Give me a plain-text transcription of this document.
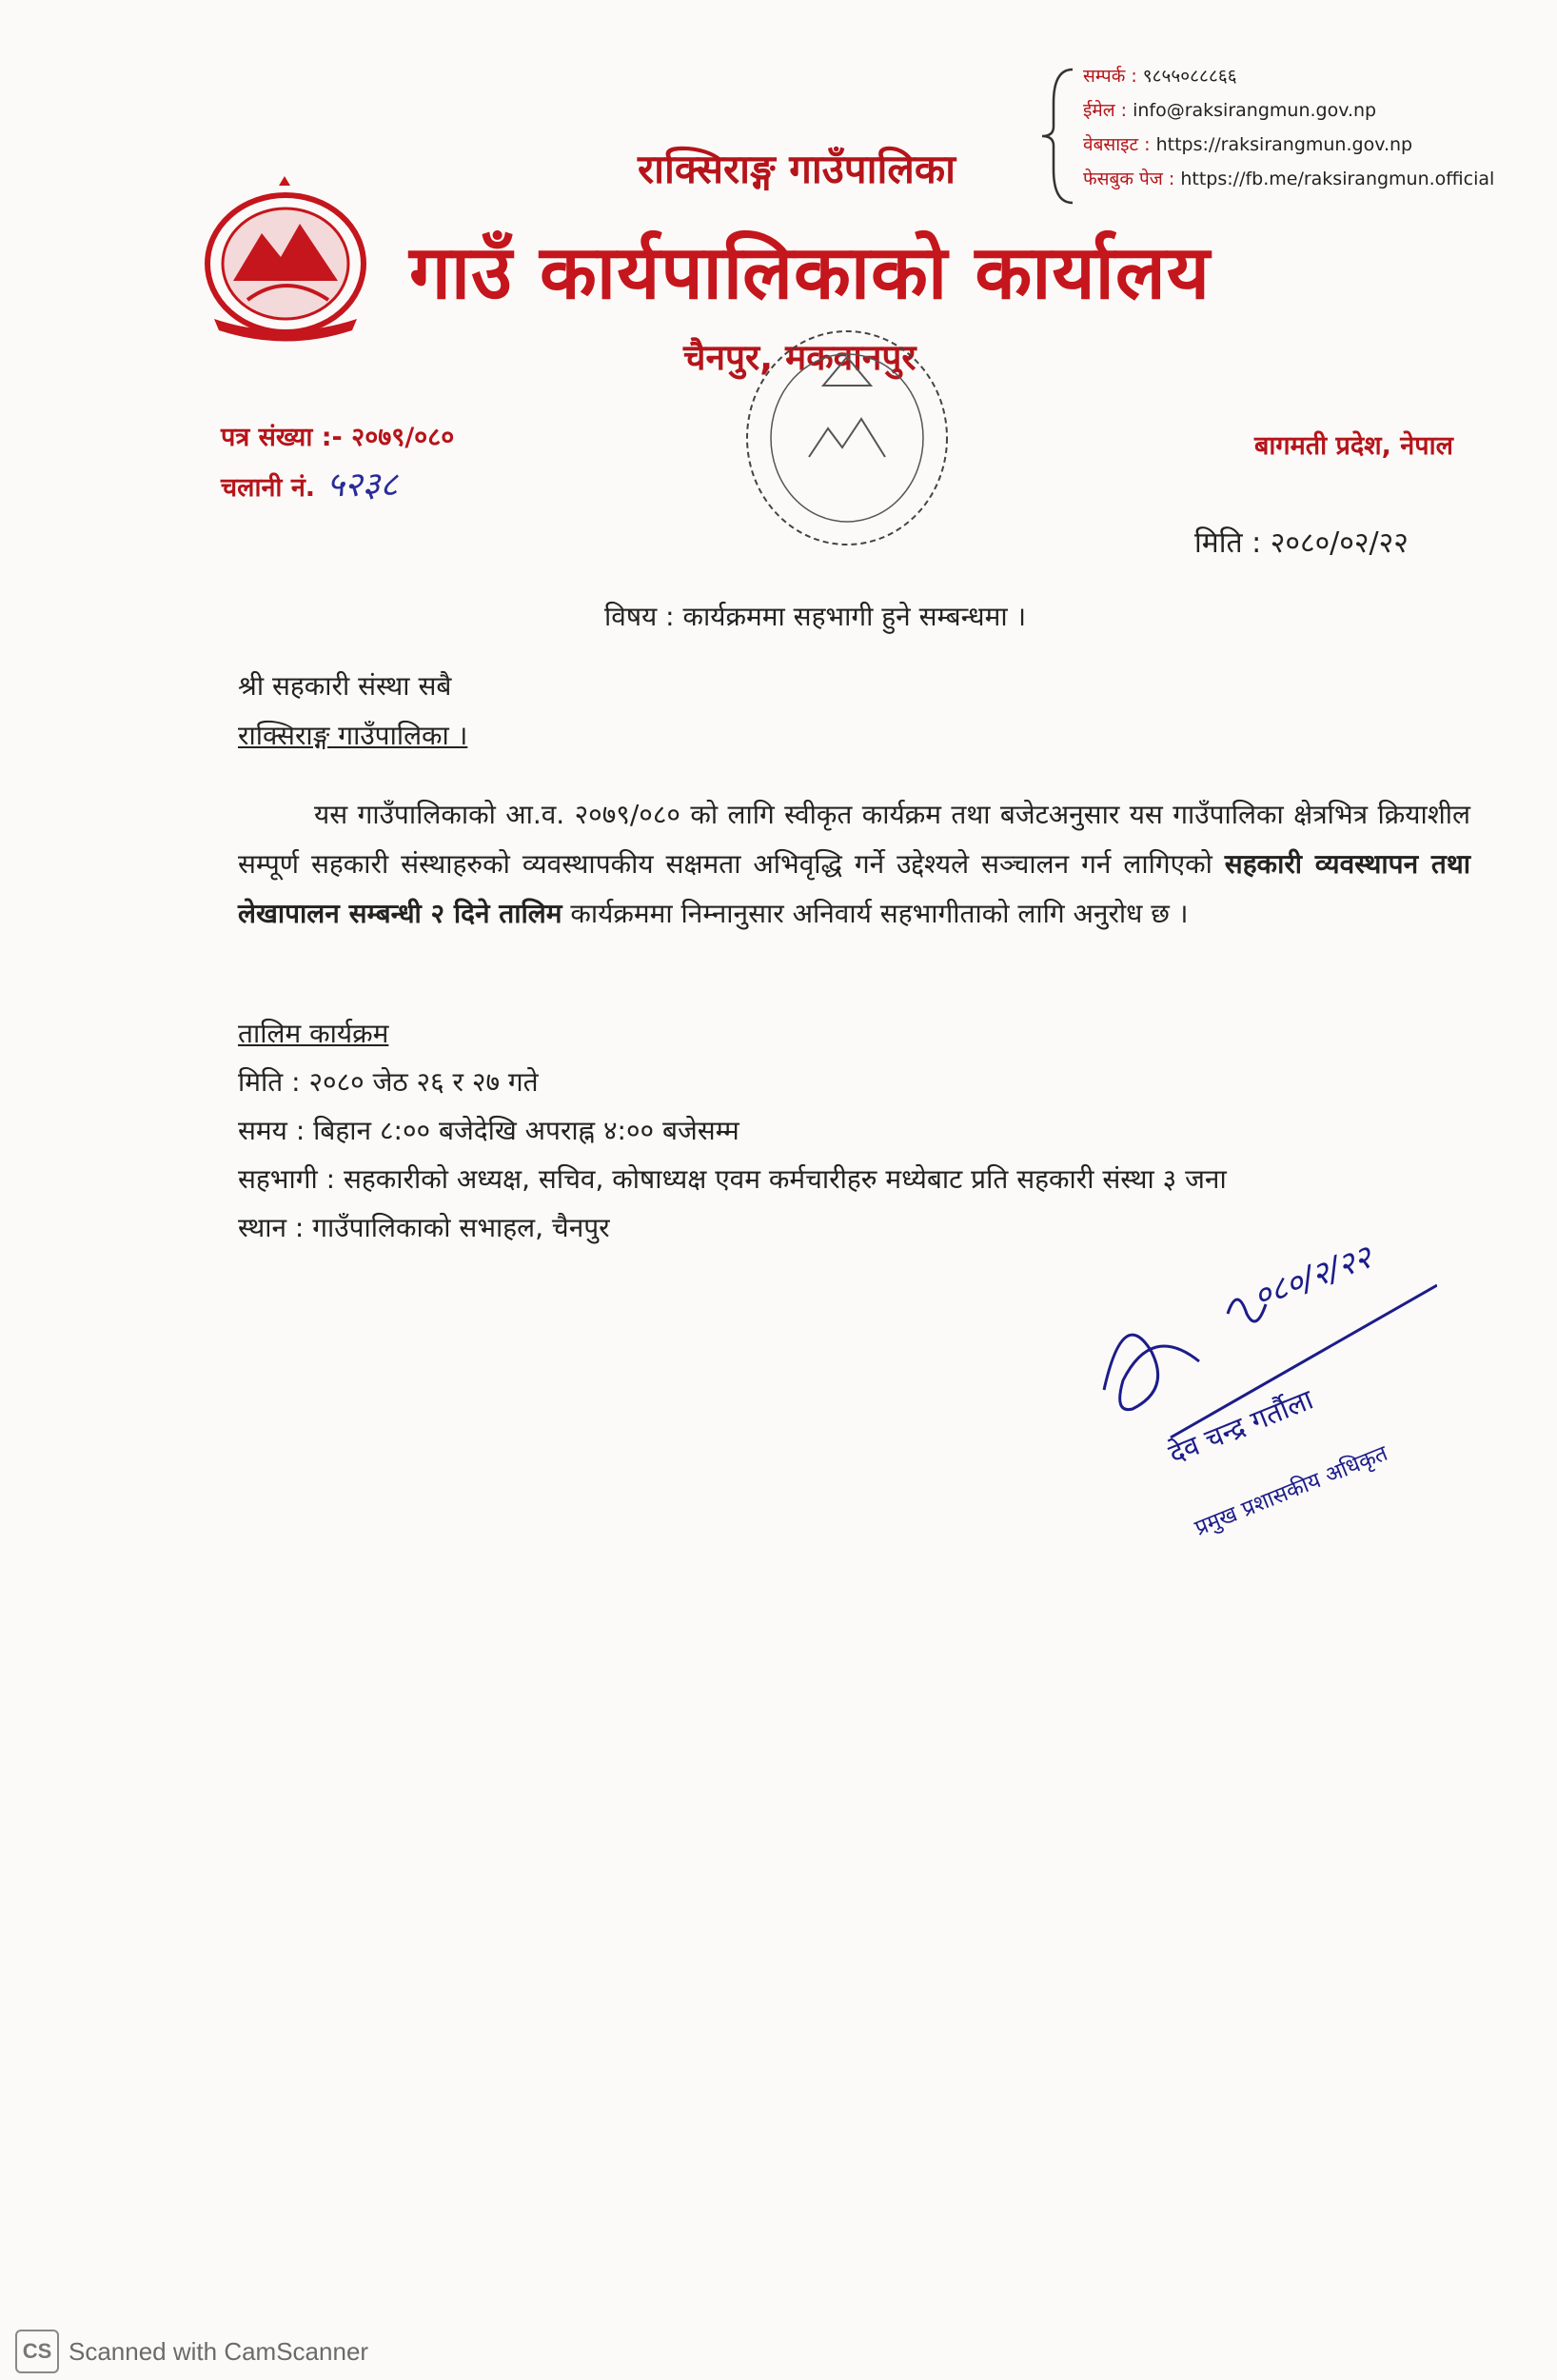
राक्सिराङ्ग गाउँपालिका
गाउँ कार्यपालिकाको कार्यालय
चैनपुर, मकवानपुर
सम्पर्क : ९८५५०८८८६६
ईमेल : info@raksirangmun.gov.np
वेबसाइट : https://raksirangmun.gov.np
फेसबुक पेज : https://fb.me/raksirangmun.official
पत्र संख्या :- २०७९/०८०
चलानी नं. ५२३८
बागमती प्रदेश, नेपाल
मिति : २०८०/०२/२२
विषय : कार्यक्रममा सहभागी हुने सम्बन्धमा ।
श्री सहकारी संस्था सबै
राक्सिराङ्ग गाउँपालिका ।
यस गाउँपालिकाको आ.व. २०७९/०८० को लागि स्वीकृत कार्यक्रम तथा बजेटअनुसार यस गाउँपालिका क्षेत्रभित्र क्रियाशील सम्पूर्ण सहकारी संस्थाहरुको व्यवस्थापकीय सक्षमता अभिवृद्धि गर्ने उद्देश्यले सञ्चालन गर्न लागिएको सहकारी व्यवस्थापन तथा लेखापालन सम्बन्धी २ दिने तालिम कार्यक्रममा निम्नानुसार अनिवार्य सहभागीताको लागि अनुरोध छ ।
तालिम कार्यक्रम
मिति : २०८० जेठ २६ र २७ गते
समय : बिहान ८:०० बजेदेखि अपराह्न ४:०० बजेसम्म
सहभागी : सहकारीको अध्यक्ष, सचिव, कोषाध्यक्ष एवम कर्मचारीहरु मध्येबाट प्रति सहकारी संस्था ३ जना
स्थान : गाउँपालिकाको सभाहल, चैनपुर
०८०/२/२२
देव चन्द्र गर्तौला
प्रमुख प्रशासकीय अधिकृत
CS Scanned with CamScanner
